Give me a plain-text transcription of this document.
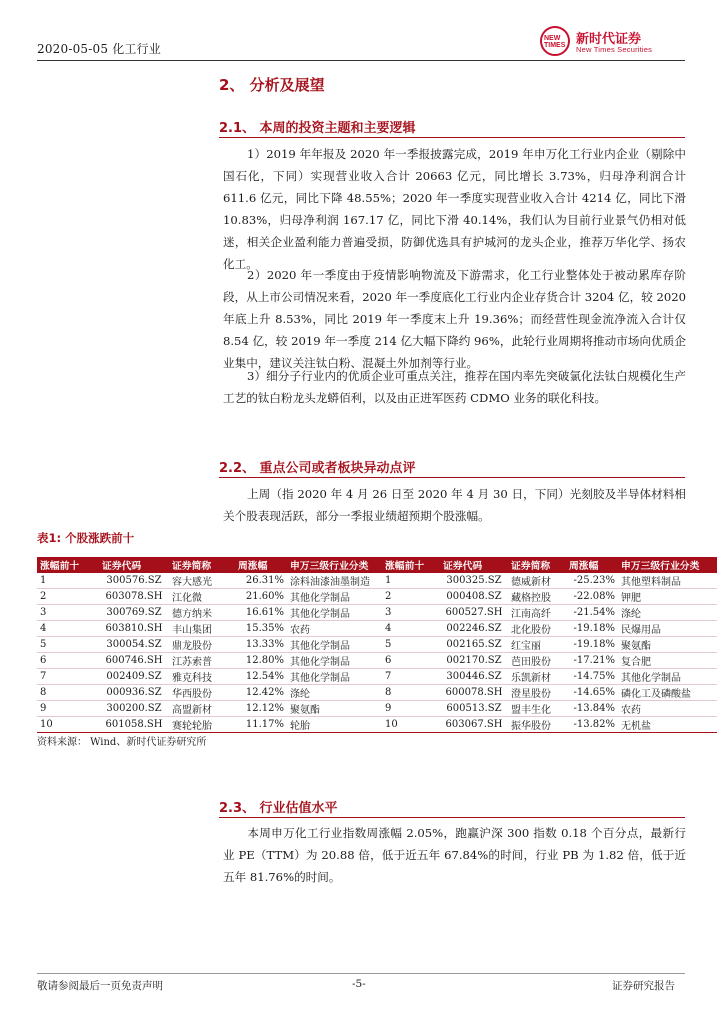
2020-05-05 化工行业
NEW TIMES 新时代证券
New Times Securities
2、 分析及展望
2.1、 本周的投资主题和主要逻辑
1）2019 年年报及 2020 年一季报披露完成，2019 年申万化工行业内企业（剔除中国石化，下同）实现营业收入合计 20663 亿元，同比增长 3.73%，归母净利润合计 611.6 亿元，同比下降 48.55%；2020 年一季度实现营业收入合计 4214 亿，同比下滑 10.83%，归母净利润 167.17 亿，同比下滑 40.14%，我们认为目前行业景气仍相对低迷，相关企业盈利能力普遍受损，防御优选具有护城河的龙头企业，推荐万华化学、扬农化工。
2）2020 年一季度由于疫情影响物流及下游需求，化工行业整体处于被动累库存阶段，从上市公司情况来看，2020 年一季度底化工行业内企业存货合计 3204 亿，较 2020 年底上升 8.53%，同比 2019 年一季度末上升 19.36%；而经营性现金流净流入合计仅 8.54 亿，较 2019 年一季度 214 亿大幅下降约 96%，此轮行业周期将推动市场向优质企业集中，建议关注钛白粉、混凝土外加剂等行业。
3）细分子行业内的优质企业可重点关注，推荐在国内率先突破氯化法钛白规模化生产工艺的钛白粉龙头龙蟒佰利，以及由正进军医药 CDMO 业务的联化科技。
2.2、 重点公司或者板块异动点评
上周（指 2020 年 4 月 26 日至 2020 年 4 月 30 日，下同）光刻胶及半导体材料相关个股表现活跃，部分一季报业绩超预期个股涨幅。
表1: 个股涨跌前十
涨幅前十	证券代码	证券简称	周涨幅	申万三级行业分类	涨幅前十	证券代码	证券简称	周涨幅	申万三级行业分类
1	300576.SZ	容大感光	26.31%	涂料油漆油墨制造	1	300325.SZ	德威新材	-25.23%	其他塑料制品
2	603078.SH	江化微	21.60%	其他化学制品	2	000408.SZ	藏格控股	-22.08%	钾肥
3	300769.SZ	德方纳米	16.61%	其他化学制品	3	600527.SH	江南高纤	-21.54%	涤纶
4	603810.SH	丰山集团	15.35%	农药	4	002246.SZ	北化股份	-19.18%	民爆用品
5	300054.SZ	鼎龙股份	13.33%	其他化学制品	5	002165.SZ	红宝丽	-19.18%	聚氨酯
6	600746.SH	江苏索普	12.80%	其他化学制品	6	002170.SZ	芭田股份	-17.21%	复合肥
7	002409.SZ	雅克科技	12.54%	其他化学制品	7	300446.SZ	乐凯新材	-14.75%	其他化学制品
8	000936.SZ	华西股份	12.42%	涤纶	8	600078.SH	澄星股份	-14.65%	磷化工及磷酸盐
9	300200.SZ	高盟新材	12.12%	聚氨酯	9	600513.SZ	盟丰生化	-13.84%	农药
10	601058.SH	赛轮轮胎	11.17%	轮胎	10	603067.SH	振华股份	-13.82%	无机盐
资料来源： Wind、新时代证券研究所
2.3、 行业估值水平
本周申万化工行业指数周涨幅 2.05%，跑赢沪深 300 指数 0.18 个百分点，最新行业 PE（TTM）为 20.88 倍，低于近五年 67.84%的时间，行业 PB 为 1.82 倍，低于近五年 81.76%的时间。
敬请参阅最后一页免责声明	-5-	证券研究报告
